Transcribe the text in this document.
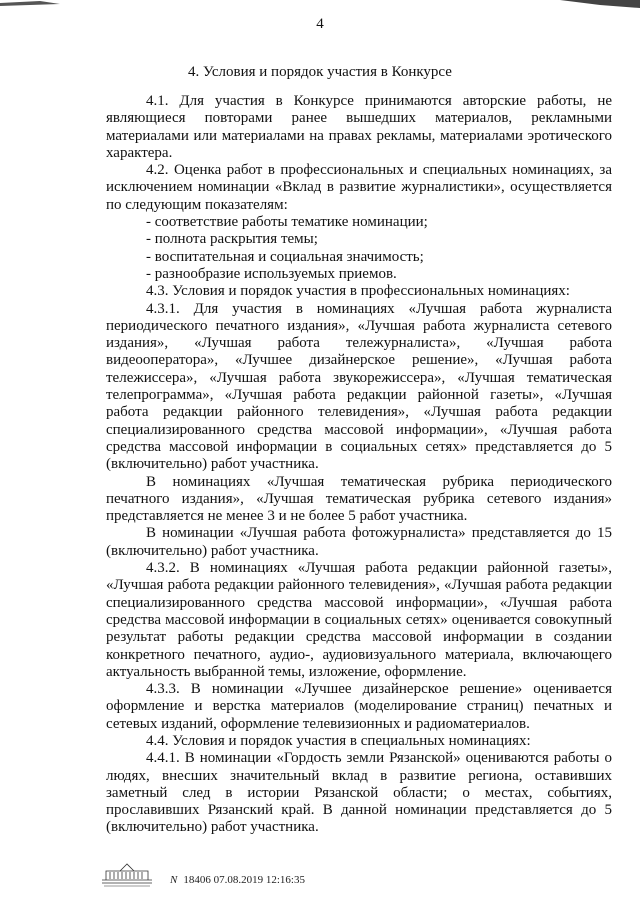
4
4. Условия и порядок участия в Конкурсе

4.1. Для участия в Конкурсе принимаются авторские работы, не являющиеся повторами ранее вышедших материалов, рекламными материалами или материалами на правах рекламы, материалами эротического характера.

4.2. Оценка работ в профессиональных и специальных номинациях, за исключением номинации «Вклад в развитие журналистики», осуществляется по следующим показателям:

- соответствие работы тематике номинации;

- полнота раскрытия темы;

- воспитательная и социальная значимость;

- разнообразие используемых приемов.

4.3. Условия и порядок участия в профессиональных номинациях:

4.3.1. Для участия в номинациях «Лучшая работа журналиста периодического печатного издания», «Лучшая работа журналиста сетевого издания», «Лучшая работа тележурналиста», «Лучшая работа видеооператора», «Лучшее дизайнерское решение», «Лучшая работа тележиссера», «Лучшая работа звукорежиссера», «Лучшая тематическая телепрограмма», «Лучшая работа редакции районной газеты», «Лучшая работа редакции районного телевидения», «Лучшая работа редакции специализированного средства массовой информации», «Лучшая работа средства массовой информации в социальных сетях» представляется до 5 (включительно) работ участника.

В номинациях «Лучшая тематическая рубрика периодического печатного издания», «Лучшая тематическая рубрика сетевого издания» представляется не менее 3 и не более 5 работ участника.

В номинации «Лучшая работа фотожурналиста» представляется до 15 (включительно) работ участника.

4.3.2. В номинациях «Лучшая работа редакции районной газеты», «Лучшая работа редакции районного телевидения», «Лучшая работа редакции специализированного средства массовой информации», «Лучшая работа средства массовой информации в социальных сетях» оценивается совокупный результат работы редакции средства массовой информации в создании конкретного печатного, аудио-, аудиовизуального материала, включающего актуальность выбранной темы, изложение, оформление.

4.3.3. В номинации «Лучшее дизайнерское решение» оценивается оформление и верстка материалов (моделирование страниц) печатных и сетевых изданий, оформление телевизионных и радиоматериалов.

4.4. Условия и порядок участия в специальных номинациях:

4.4.1. В номинации «Гордость земли Рязанской» оцениваются работы о людях, внесших значительный вклад в развитие региона, оставивших заметный след в истории Рязанской области; о местах, событиях, прославивших Рязанский край. В данной номинации представляется до 5 (включительно) работ участника.

N 18406 07.08.2019 12:16:35
